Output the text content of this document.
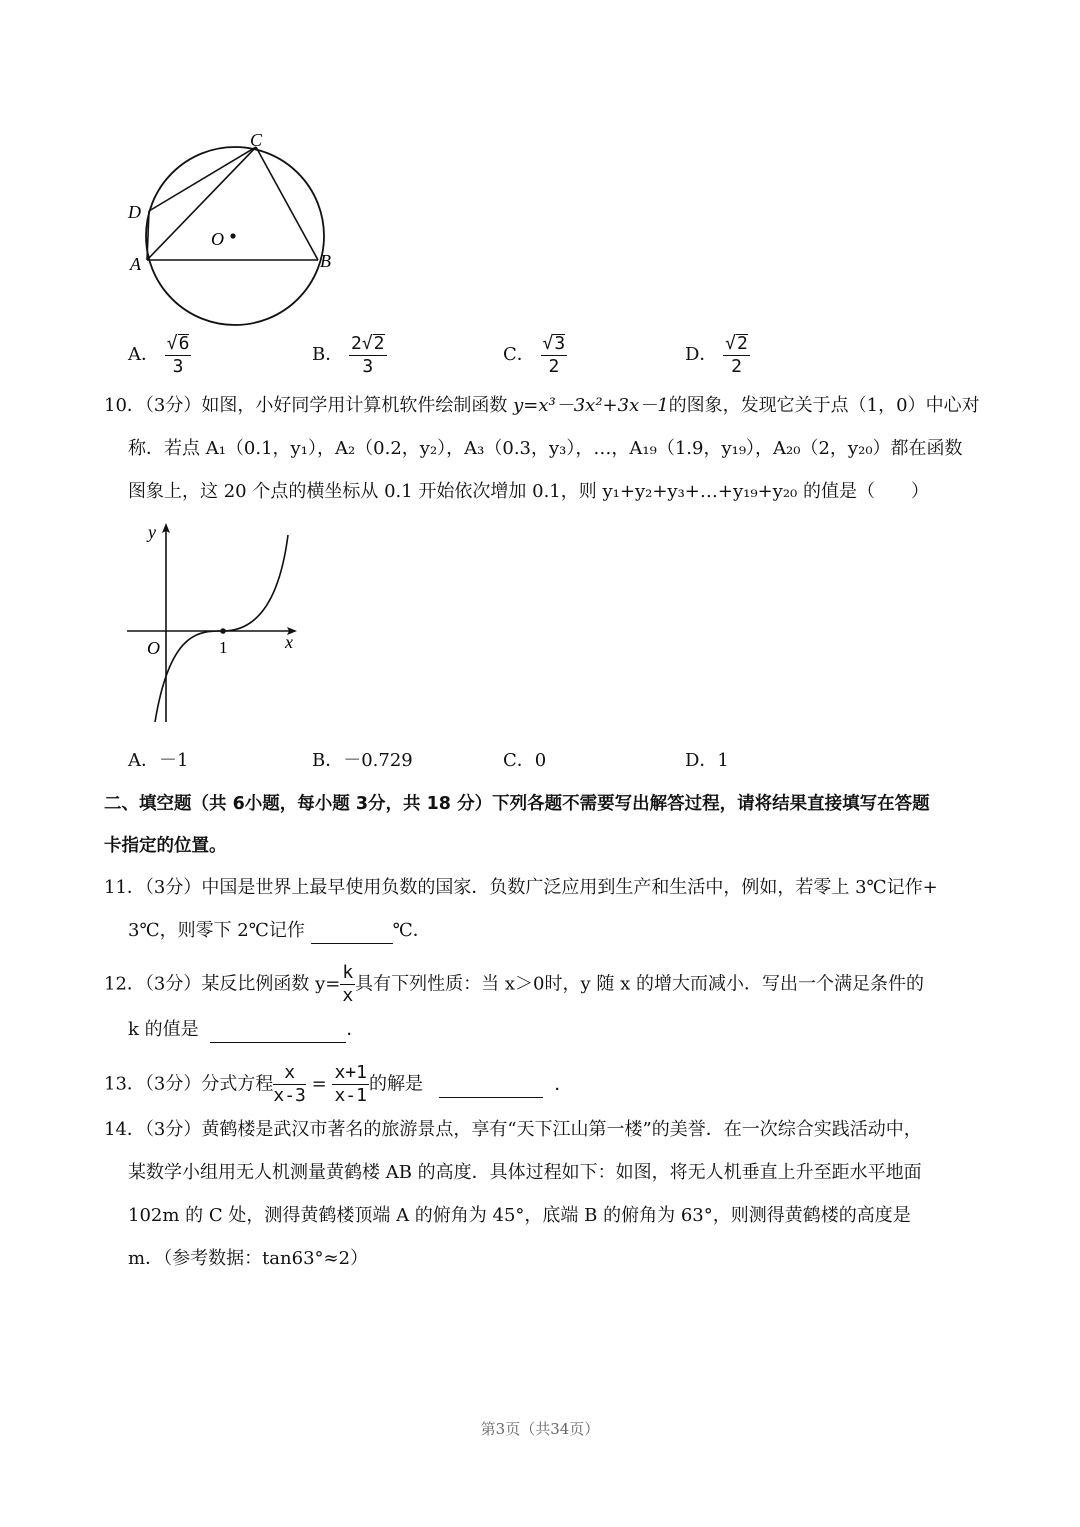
C
D
O
A	B
A． $\frac{√6}{3}$	B． $\frac{2√2}{3}$	C． $\frac{√3}{2}$	D． $\frac{√2}{2}$
10．（3分）如图，小好同学用计算机软件绘制函数 y=x³－3x²+3x－1的图象，发现它关于点（1，0）中心对
称．若点 A₁（0.1，y₁），A₂（0.2，y₂），A₃（0.3，y₃），…，A₁₉（1.9，y₁₉），A₂₀（2，y₂₀）都在函数
图象上，这 20 个点的横坐标从 0.1 开始依次增加 0.1，则 y₁+y₂+y₃+…+y₁₉+y₂₀ 的值是（　　）
y
x
O	1
A．－1	B．－0.729	C．0	D．1
二、填空题（共 6小题，每小题 3分，共 18 分）下列各题不需要写出解答过程，请将结果直接填写在答题
卡指定的位置。
11．（3分）中国是世界上最早使用负数的国家．负数广泛应用到生产和生活中，例如，若零上 3℃记作+
3℃，则零下 2℃记作	℃．
12．（3分）某反比例函数 $y= \frac{k}{x}$ 具有下列性质：当 x＞0时，y 随 x 的增大而减小．写出一个满足条件的
k 的值是	．
13．（3分）分式方程 $\frac{x}{x-3} = \frac{x+1}{x-1}$ 的解是	．
14．（3分）黄鹤楼是武汉市著名的旅游景点，享有“天下江山第一楼”的美誉．在一次综合实践活动中，
某数学小组用无人机测量黄鹤楼 AB 的高度．具体过程如下：如图，将无人机垂直上升至距水平地面
102m 的 C 处，测得黄鹤楼顶端 A 的俯角为 45°，底端 B 的俯角为 63°，则测得黄鹤楼的高度是
m．（参考数据：tan63°≈2）
第3页（共34页）
